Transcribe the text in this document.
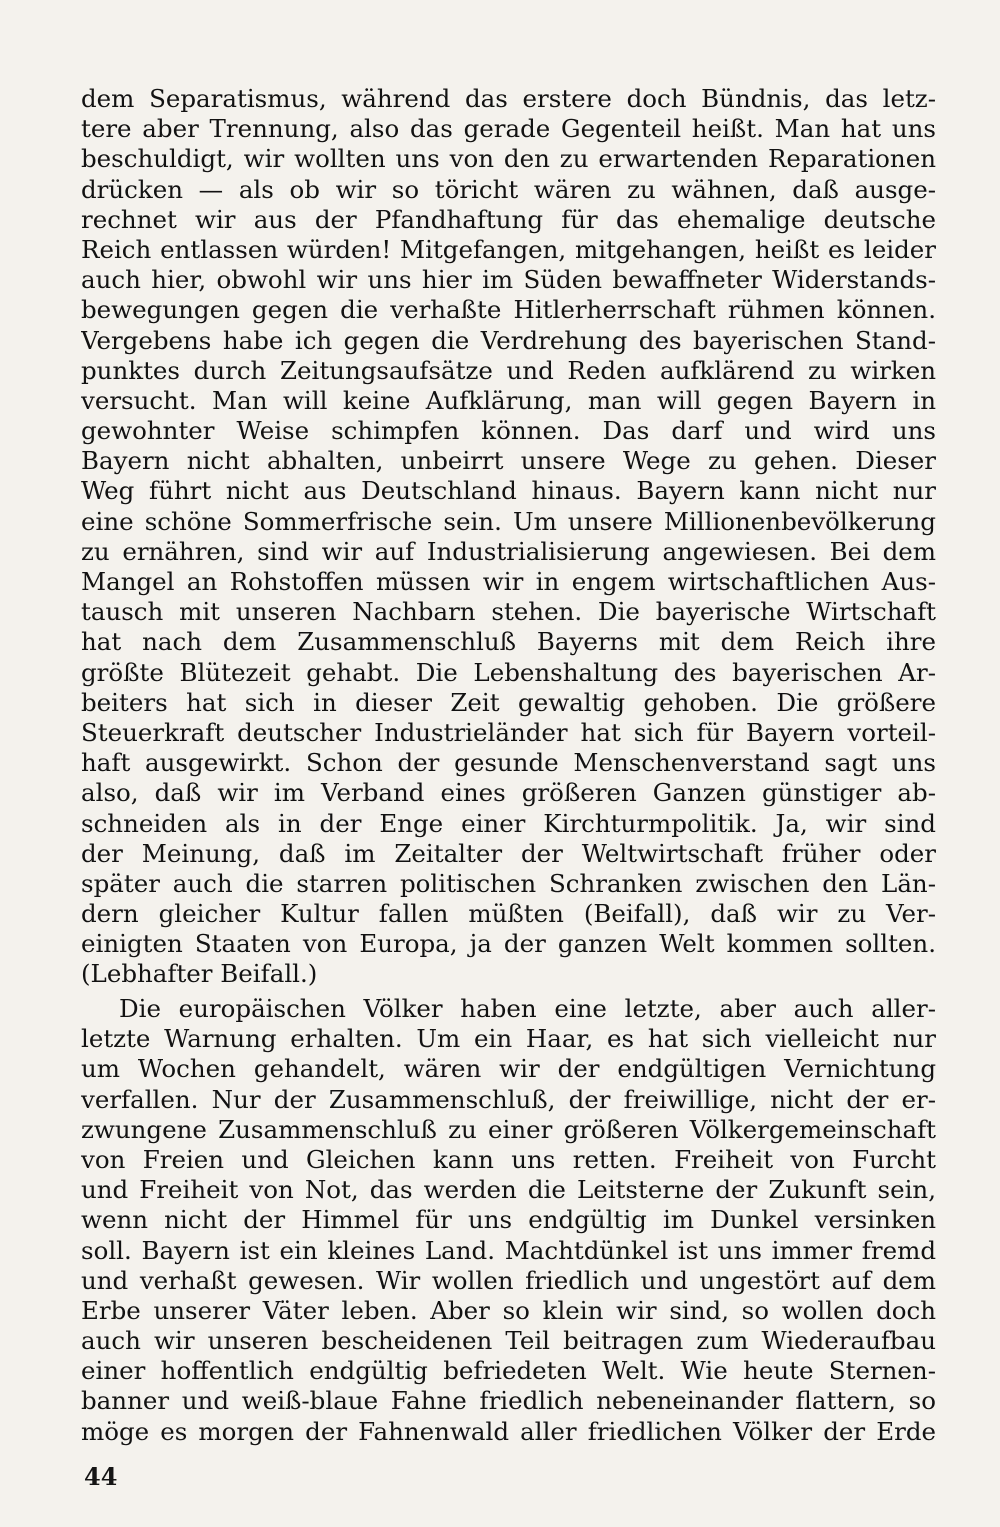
dem Separatismus, während das erstere doch Bündnis, das letz-
tere aber Trennung, also das gerade Gegenteil heißt. Man hat uns
beschuldigt, wir wollten uns von den zu erwartenden Reparationen
drücken — als ob wir so töricht wären zu wähnen, daß ausge-
rechnet wir aus der Pfandhaftung für das ehemalige deutsche
Reich entlassen würden! Mitgefangen, mitgehangen, heißt es leider
auch hier, obwohl wir uns hier im Süden bewaffneter Widerstands-
bewegungen gegen die verhaßte Hitlerherrschaft rühmen können.
Vergebens habe ich gegen die Verdrehung des bayerischen Stand-
punktes durch Zeitungsaufsätze und Reden aufklärend zu wirken
versucht. Man will keine Aufklärung, man will gegen Bayern in
gewohnter Weise schimpfen können. Das darf und wird uns
Bayern nicht abhalten, unbeirrt unsere Wege zu gehen. Dieser
Weg führt nicht aus Deutschland hinaus. Bayern kann nicht nur
eine schöne Sommerfrische sein. Um unsere Millionenbevölkerung
zu ernähren, sind wir auf Industrialisierung angewiesen. Bei dem
Mangel an Rohstoffen müssen wir in engem wirtschaftlichen Aus-
tausch mit unseren Nachbarn stehen. Die bayerische Wirtschaft
hat nach dem Zusammenschluß Bayerns mit dem Reich ihre
größte Blütezeit gehabt. Die Lebenshaltung des bayerischen Ar-
beiters hat sich in dieser Zeit gewaltig gehoben. Die größere
Steuerkraft deutscher Industrieländer hat sich für Bayern vorteil-
haft ausgewirkt. Schon der gesunde Menschenverstand sagt uns
also, daß wir im Verband eines größeren Ganzen günstiger ab-
schneiden als in der Enge einer Kirchturmpolitik. Ja, wir sind
der Meinung, daß im Zeitalter der Weltwirtschaft früher oder
später auch die starren politischen Schranken zwischen den Län-
dern gleicher Kultur fallen müßten (Beifall), daß wir zu Ver-
einigten Staaten von Europa, ja der ganzen Welt kommen sollten.
(Lebhafter Beifall.)
Die europäischen Völker haben eine letzte, aber auch aller-
letzte Warnung erhalten. Um ein Haar, es hat sich vielleicht nur
um Wochen gehandelt, wären wir der endgültigen Vernichtung
verfallen. Nur der Zusammenschluß, der freiwillige, nicht der er-
zwungene Zusammenschluß zu einer größeren Völkergemeinschaft
von Freien und Gleichen kann uns retten. Freiheit von Furcht
und Freiheit von Not, das werden die Leitsterne der Zukunft sein,
wenn nicht der Himmel für uns endgültig im Dunkel versinken
soll. Bayern ist ein kleines Land. Machtdünkel ist uns immer fremd
und verhaßt gewesen. Wir wollen friedlich und ungestört auf dem
Erbe unserer Väter leben. Aber so klein wir sind, so wollen doch
auch wir unseren bescheidenen Teil beitragen zum Wiederaufbau
einer hoffentlich endgültig befriedeten Welt. Wie heute Sternen-
banner und weiß-blaue Fahne friedlich nebeneinander flattern, so
möge es morgen der Fahnenwald aller friedlichen Völker der Erde
44
